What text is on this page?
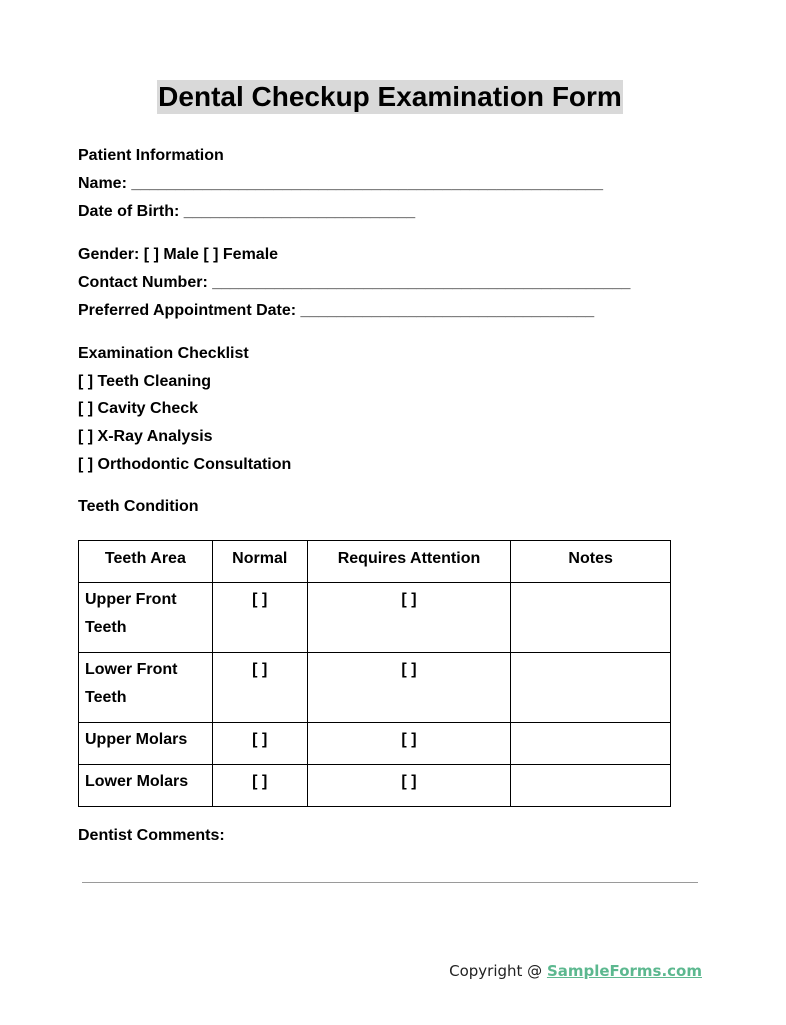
Dental Checkup Examination Form
Patient Information
Name: _____________________________________________________
Date of Birth: __________________________
Gender: [ ] Male [ ] Female
Contact Number: _______________________________________________
Preferred Appointment Date: _________________________________
Examination Checklist
[ ] Teeth Cleaning
[ ] Cavity Check
[ ] X-Ray Analysis
[ ] Orthodontic Consultation
Teeth Condition
Teeth Area	Normal	Requires Attention	Notes
Upper Front Teeth	[ ]	[ ]	
Lower Front Teeth	[ ]	[ ]	
Upper Molars	[ ]	[ ]	
Lower Molars	[ ]	[ ]	
Dentist Comments:
Copyright @ SampleForms.com
